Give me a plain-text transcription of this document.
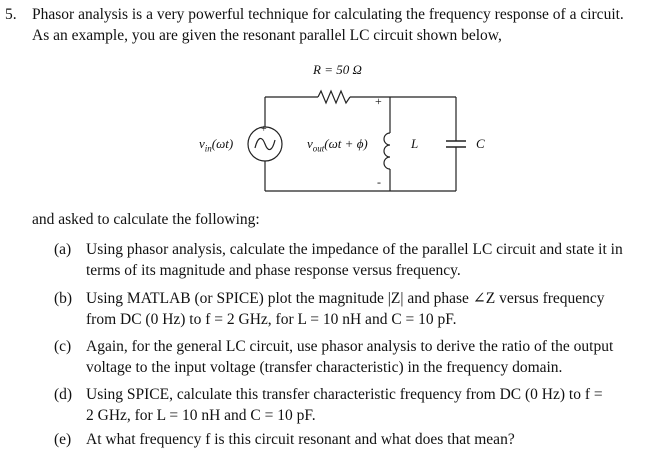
5. Phasor analysis is a very powerful technique for calculating the frequency response of a circuit.
As an example, you are given the resonant parallel LC circuit shown below,
R = 50 Ω
+
-
+
$v_{in}(\omega t)$	$v_{out}(\omega t + \phi)$	L	C
and asked to calculate the following:
(a) Using phasor analysis, calculate the impedance of the parallel LC circuit and state it in
terms of its magnitude and phase response versus frequency.
(b) Using MATLAB (or SPICE) plot the magnitude |Z| and phase ∠Z versus frequency
from DC (0 Hz) to f = 2 GHz, for L = 10 nH and C = 10 pF.
(c) Again, for the general LC circuit, use phasor analysis to derive the ratio of the output
voltage to the input voltage (transfer characteristic) in the frequency domain.
(d) Using SPICE, calculate this transfer characteristic frequency from DC (0 Hz) to f =
2 GHz, for L = 10 nH and C = 10 pF.
(e) At what frequency f is this circuit resonant and what does that mean?
